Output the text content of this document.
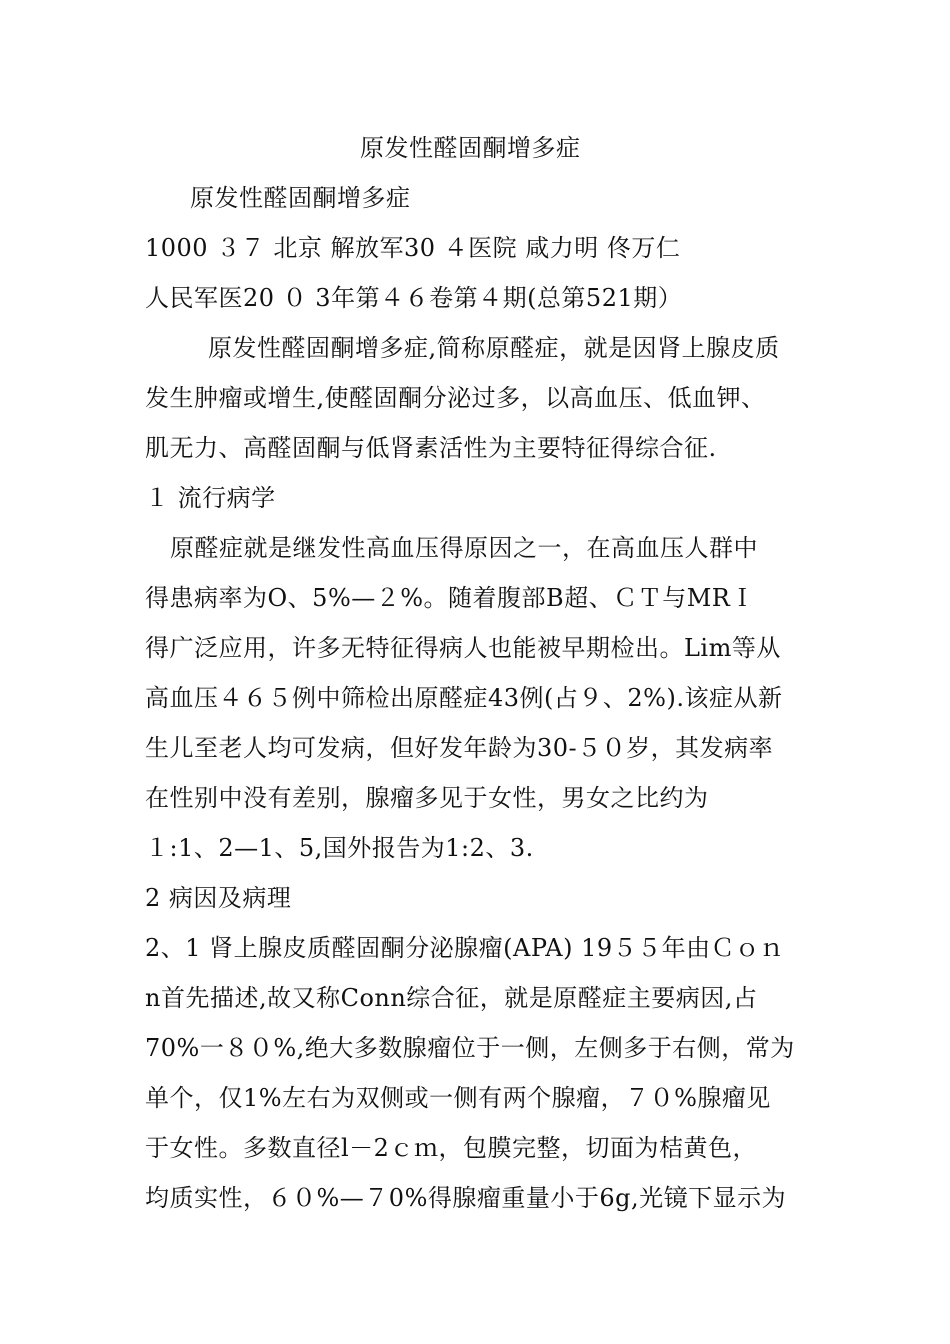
原发性醛固酮增多症
原发性醛固酮增多症
1000 ３７ 北京 解放军30 ４医院 咸力明 佟万仁
人民军医20 ０ 3年第４６卷第４期(总第521期）
原发性醛固酮增多症,简称原醛症，就是因肾上腺皮质
发生肿瘤或增生,使醛固酮分泌过多，以高血压、低血钾、
肌无力、高醛固酮与低肾素活性为主要特征得综合征.
１ 流行病学
原醛症就是继发性高血压得原因之一，在高血压人群中
得患病率为O、5%—２%。随着腹部B超、ＣＴ与MRＩ
得广泛应用，许多无特征得病人也能被早期检出。Lim等从
高血压４６５例中筛检出原醛症43例(占９、2%).该症从新
生儿至老人均可发病，但好发年龄为30-５０岁，其发病率
在性别中没有差别，腺瘤多见于女性，男女之比约为
１:1、2—1、5,国外报告为1:2、3.
2 病因及病理
2、1 肾上腺皮质醛固酮分泌腺瘤(APA) 19５５年由Ｃｏｎ
n首先描述,故又称Conn综合征，就是原醛症主要病因,占
70%一８０%,绝大多数腺瘤位于一侧，左侧多于右侧，常为
单个，仅1%左右为双侧或一侧有两个腺瘤，７０%腺瘤见
于女性。多数直径l－2ｃｍ，包膜完整，切面为桔黄色，
均质实性，６０%—７0%得腺瘤重量小于6g,光镜下显示为
